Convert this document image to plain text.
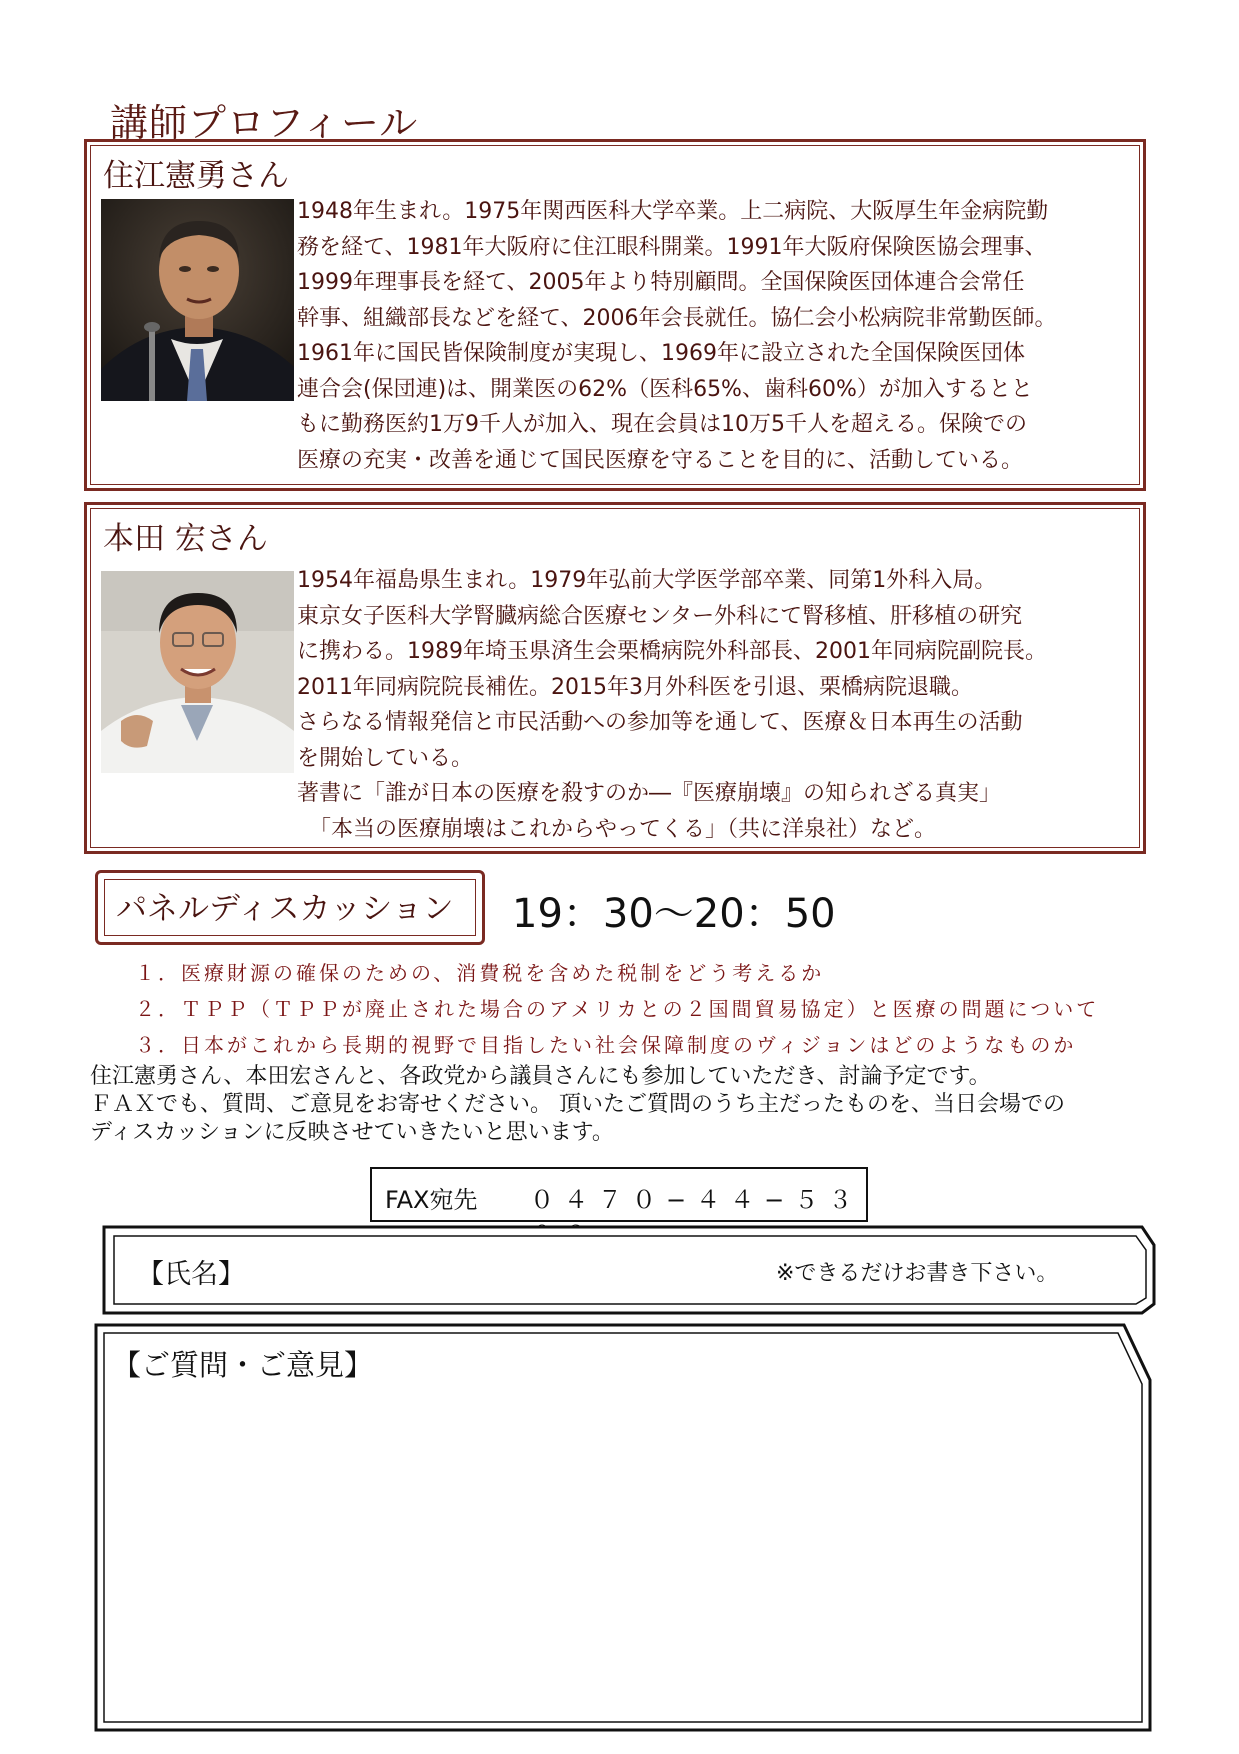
講師プロフィール
住江憲勇さん
1948年生まれ。1975年関西医科大学卒業。上二病院、大阪厚生年金病院勤
務を経て、1981年大阪府に住江眼科開業。1991年大阪府保険医協会理事、
1999年理事長を経て、2005年より特別顧問。全国保険医団体連合会常任
幹事、組織部長などを経て、2006年会長就任。協仁会小松病院非常勤医師。
1961年に国民皆保険制度が実現し、1969年に設立された全国保険医団体
連合会(保団連)は、開業医の62%（医科65%、歯科60%）が加入するとと
もに勤務医約1万9千人が加入、現在会員は10万5千人を超える。保険での
医療の充実・改善を通じて国民医療を守ることを目的に、活動している。
本田 宏さん
1954年福島県生まれ。1979年弘前大学医学部卒業、同第1外科入局。
東京女子医科大学腎臓病総合医療センター外科にて腎移植、肝移植の研究
に携わる。1989年埼玉県済生会栗橋病院外科部長、2001年同病院副院長。
2011年同病院院長補佐。2015年3月外科医を引退、栗橋病院退職。
さらなる情報発信と市民活動への参加等を通して、医療＆日本再生の活動
を開始している。
著書に「誰が日本の医療を殺すのか―『医療崩壊』の知られざる真実」
「本当の医療崩壊はこれからやってくる」（共に洋泉社）など。
パネルディスカッション 19：30～20：50
１．医療財源の確保のための、消費税を含めた税制をどう考えるか
２．ＴＰＰ（ＴＰＰが廃止された場合のアメリカとの２国間貿易協定）と医療の問題について
３．日本がこれから長期的視野で目指したい社会保障制度のヴィジョンはどのようなものか
住江憲勇さん、本田宏さんと、各政党から議員さんにも参加していただき、討論予定です。
ＦＡＸでも、質問、ご意見をお寄せください。 頂いたご質問のうち主だったものを、当日会場での
ディスカッションに反映させていきたいと思います。
FAX宛先 ０４７０−４４−５３
【氏名】	※できるだけお書き下さい。
【ご質問・ご意見】
